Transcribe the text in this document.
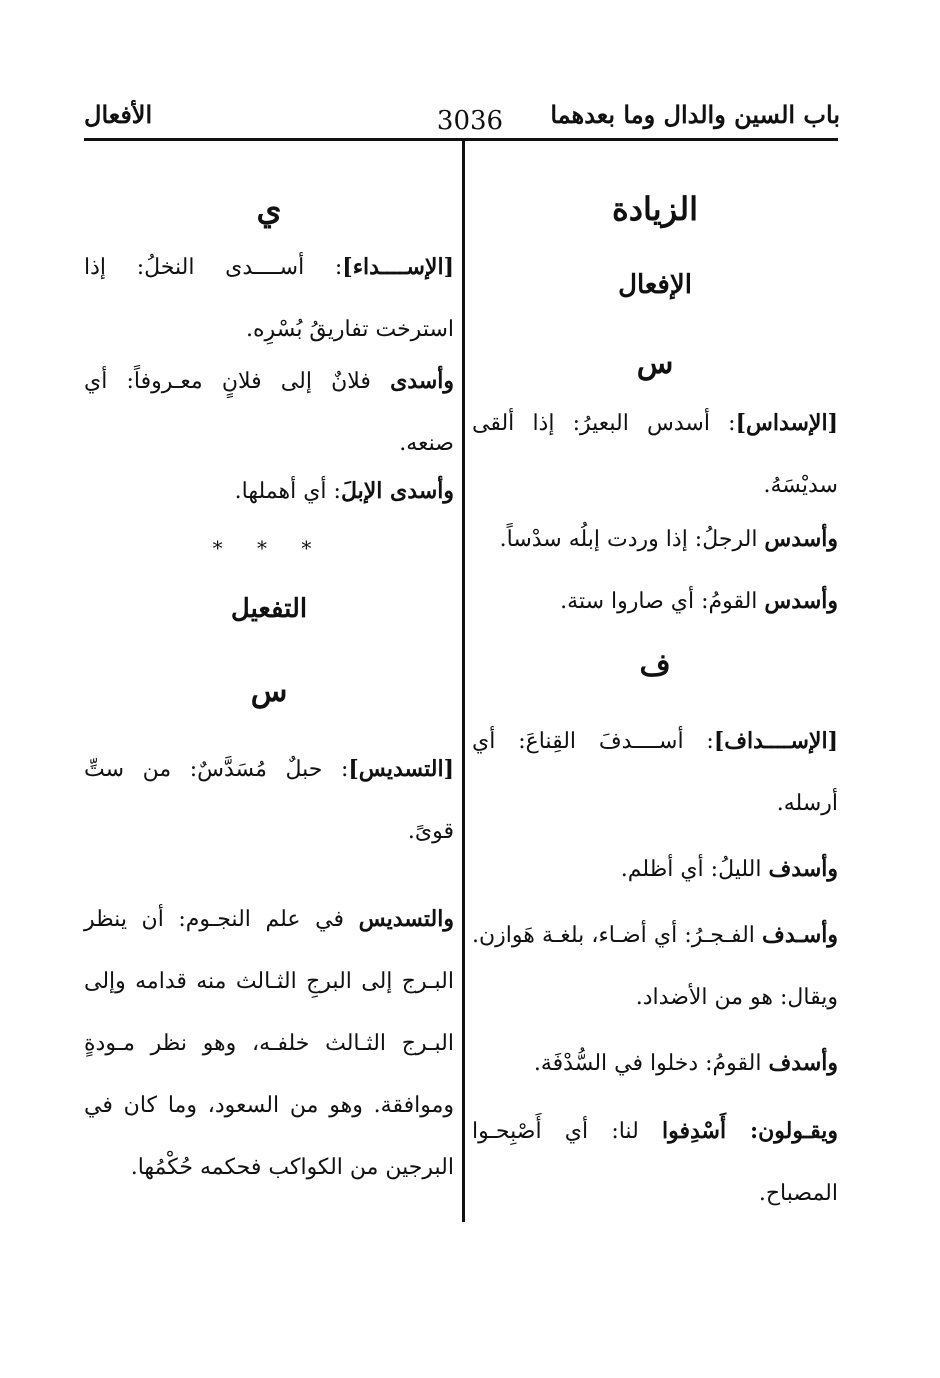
باب السين والدال وما بعدهما
3036
الأفعال
الزيادة
الإفعال
س
[الإسداس]: أسدس البعيرُ: إذا ألقى سديْسَهُ.
وأسدس الرجلُ: إذا وردت إبلُه سدْساً.
وأسدس القومُ: أي صاروا ستة.
ف
[الإســــداف]: أســــدفَ القِناعَ: أي أرسله.
وأسدف الليلُ: أي أظلم.
وأسـدف الفـجـرُ: أي أضـاء، بلغـة هَوازن. ويقال: هو من الأضداد.
وأسدف القومُ: دخلوا في السُّدْفَة.
ويقـولون: أَسْدِفوا لنا: أي أَصْبِحـوا المصباح.
ي
[الإســــداء]: أســــدى النخلُ: إذا استرخت تفاريقُ بُسْرِه.
وأسدى فلانٌ إلى فلانٍ معـروفاً: أي صنعه.
وأسدى الإبلَ: أي أهملها.
* * *
التفعيل
س
[التسديس]: حبلٌ مُسَدَّسٌ: من ستِّ قوىً.
والتسديس في علم النجـوم: أن ينظر البـرج إلى البرجِ الثـالث منه قدامه وإلى البـرج الثـالث خلفـه، وهو نظر مـودةٍ وموافقة. وهو من السعود، وما كان في البرجين من الكواكب فحكمه حُكْمُها.
